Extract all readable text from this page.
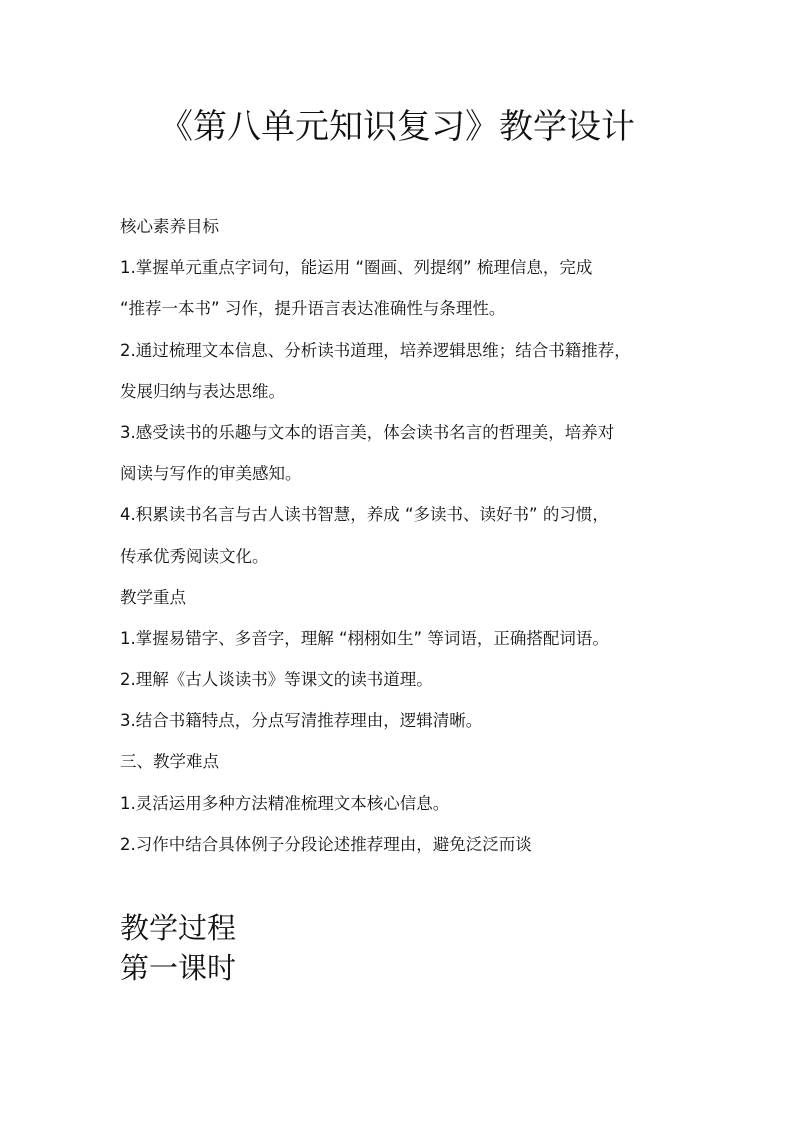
《第八单元知识复习》教学设计
核心素养目标
1.掌握单元重点字词句，能运用 “圈画、列提纲” 梳理信息，完成
“推荐一本书” 习作，提升语言表达准确性与条理性。
2.通过梳理文本信息、分析读书道理，培养逻辑思维；结合书籍推荐，
发展归纳与表达思维。
3.感受读书的乐趣与文本的语言美，体会读书名言的哲理美，培养对
阅读与写作的审美感知。
4.积累读书名言与古人读书智慧，养成 “多读书、读好书” 的习惯，
传承优秀阅读文化。
教学重点
1.掌握易错字、多音字，理解 “栩栩如生” 等词语，正确搭配词语。
2.理解《古人谈读书》等课文的读书道理。
3.结合书籍特点，分点写清推荐理由，逻辑清晰。
三、教学难点
1.灵活运用多种方法精准梳理文本核心信息。
2.习作中结合具体例子分段论述推荐理由，避免泛泛而谈
教学过程
第一课时
